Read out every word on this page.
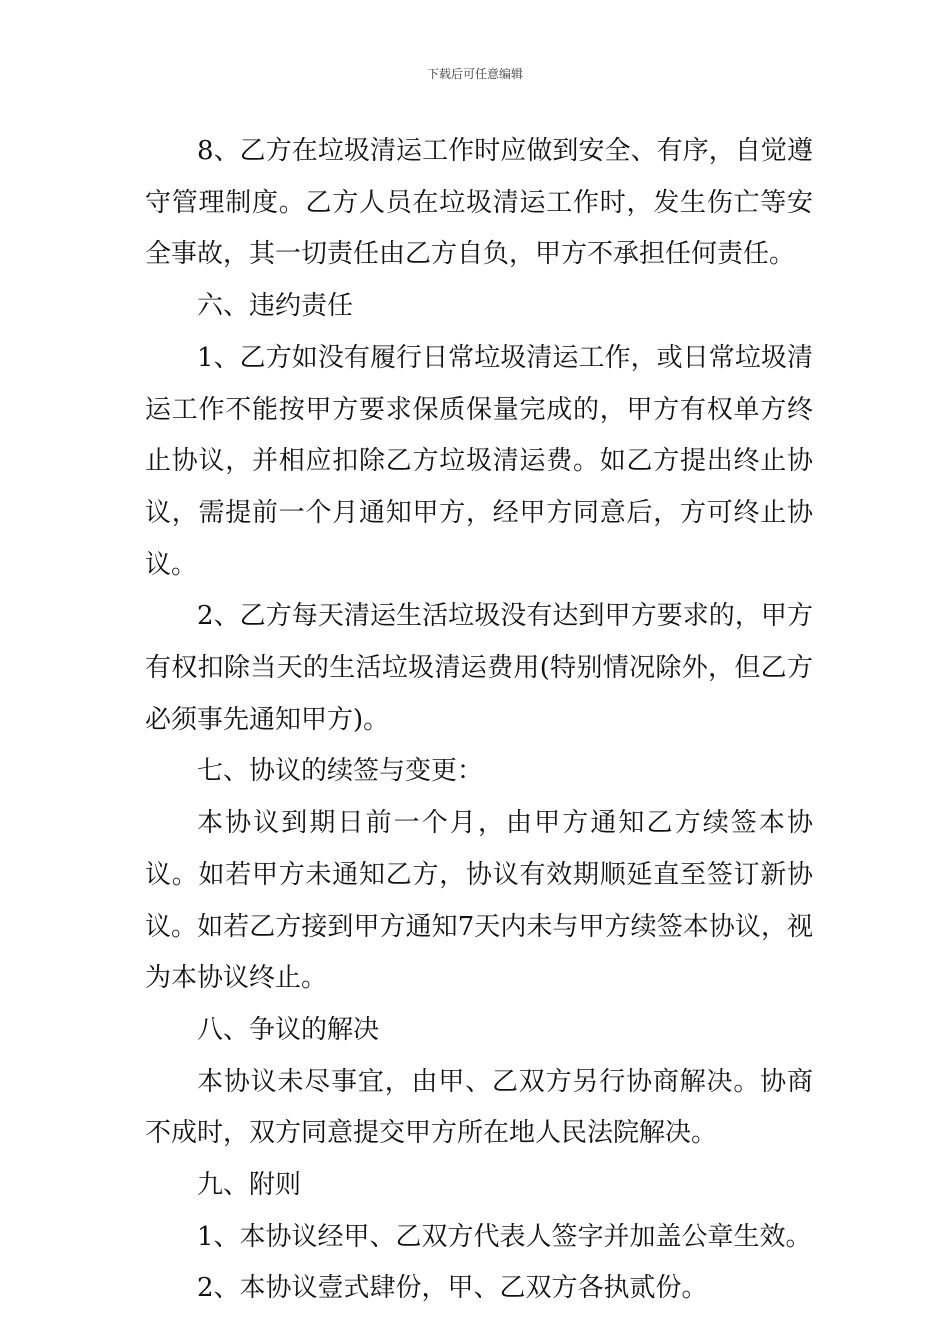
下载后可任意编辑

8、乙方在垃圾清运工作时应做到安全、有序，自觉遵守管理制度。乙方人员在垃圾清运工作时，发生伤亡等安全事故，其一切责任由乙方自负，甲方不承担任何责任。

六、违约责任

1、乙方如没有履行日常垃圾清运工作，或日常垃圾清运工作不能按甲方要求保质保量完成的，甲方有权单方终止协议，并相应扣除乙方垃圾清运费。如乙方提出终止协议，需提前一个月通知甲方，经甲方同意后，方可终止协议。

2、乙方每天清运生活垃圾没有达到甲方要求的，甲方有权扣除当天的生活垃圾清运费用(特别情况除外，但乙方必须事先通知甲方)。

七、协议的续签与变更：

本协议到期日前一个月，由甲方通知乙方续签本协议。如若甲方未通知乙方，协议有效期顺延直至签订新协议。如若乙方接到甲方通知7天内未与甲方续签本协议，视为本协议终止。

八、争议的解决

本协议未尽事宜，由甲、乙双方另行协商解决。协商不成时，双方同意提交甲方所在地人民法院解决。

九、附则

1、本协议经甲、乙双方代表人签字并加盖公章生效。

2、本协议壹式肆份，甲、乙双方各执贰份。
